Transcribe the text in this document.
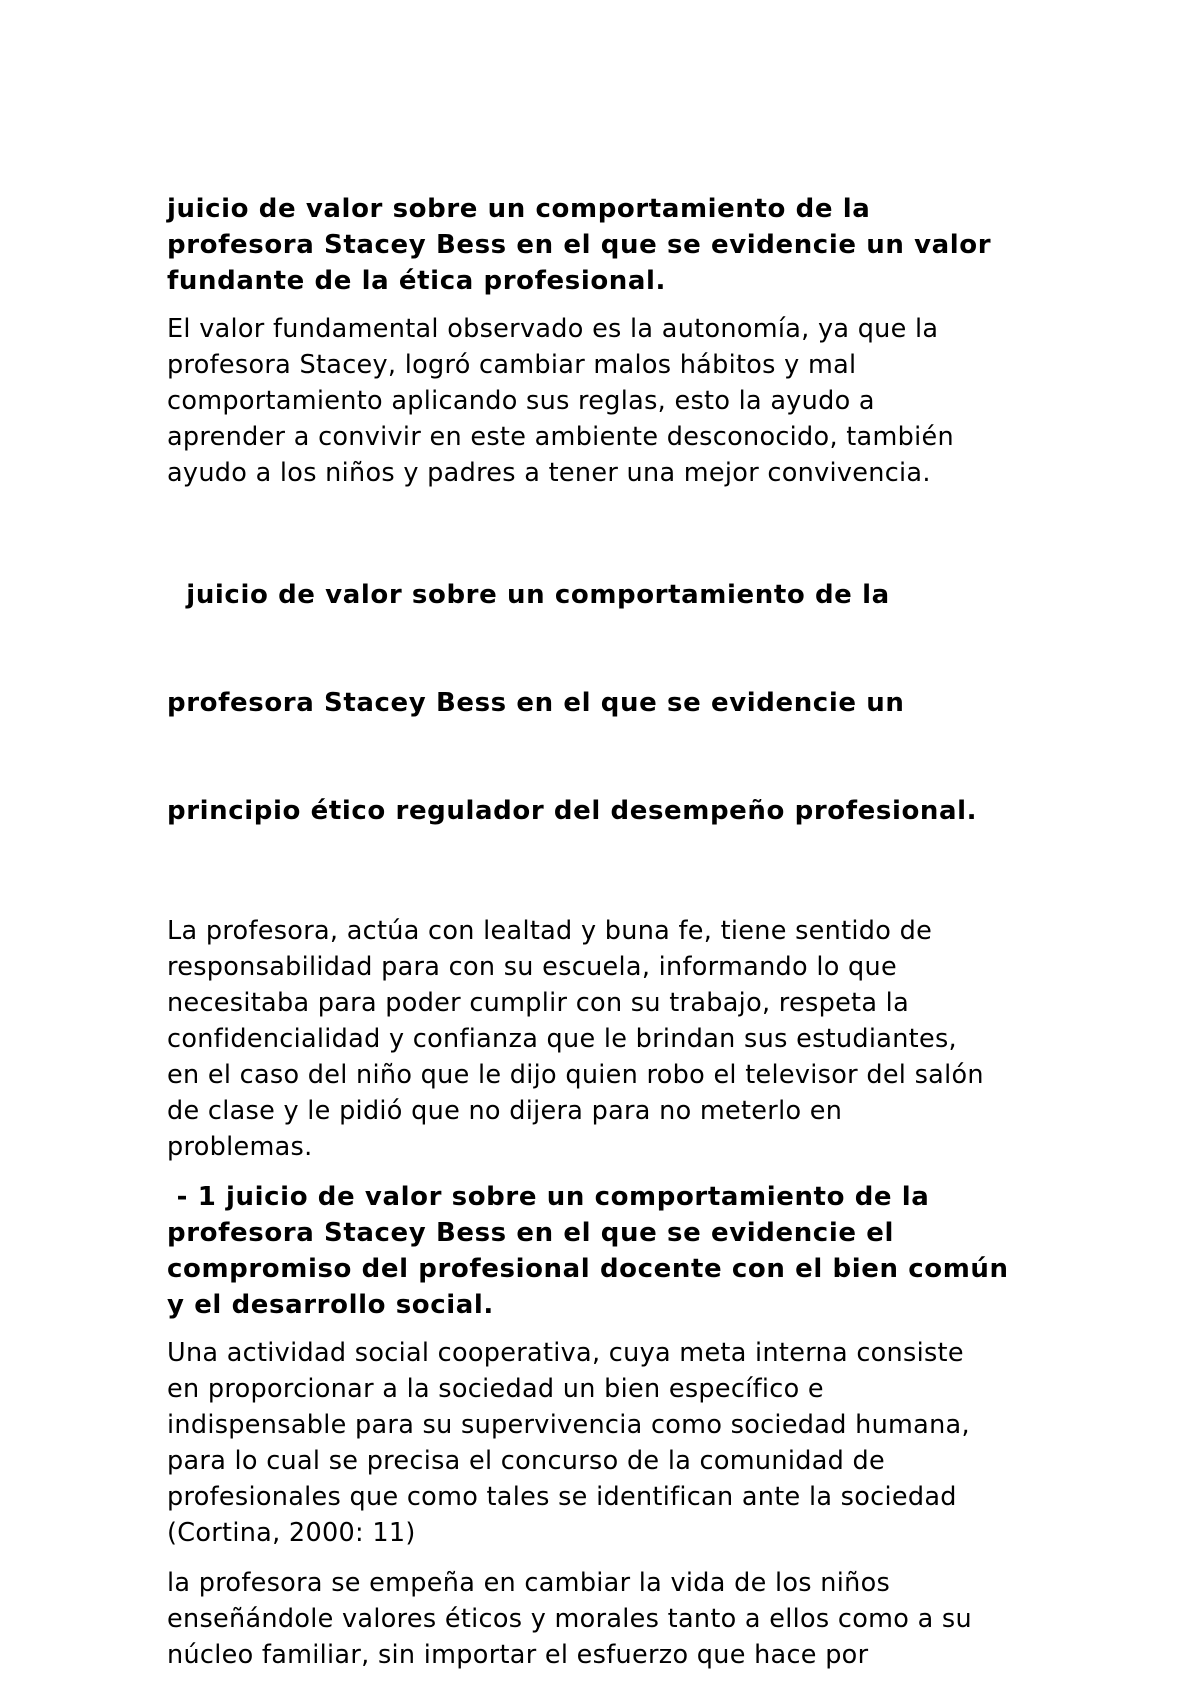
juicio de valor sobre un comportamiento de la
profesora Stacey Bess en el que se evidencie un valor
fundante de la ética profesional.
El valor fundamental observado es la autonomía, ya que la
profesora Stacey, logró cambiar malos hábitos y mal
comportamiento aplicando sus reglas, esto la ayudo a
aprender a convivir en este ambiente desconocido, también
ayudo a los niños y padres a tener una mejor convivencia.

juicio de valor sobre un comportamiento de la

profesora Stacey Bess en el que se evidencie un

principio ético regulador del desempeño profesional.

La profesora, actúa con lealtad y buna fe, tiene sentido de
responsabilidad para con su escuela, informando lo que
necesitaba para poder cumplir con su trabajo, respeta la
confidencialidad y confianza que le brindan sus estudiantes,
en el caso del niño que le dijo quien robo el televisor del salón
de clase y le pidió que no dijera para no meterlo en
problemas.
- 1 juicio de valor sobre un comportamiento de la
profesora Stacey Bess en el que se evidencie el
compromiso del profesional docente con el bien común
y el desarrollo social.
Una actividad social cooperativa, cuya meta interna consiste
en proporcionar a la sociedad un bien específico e
indispensable para su supervivencia como sociedad humana,
para lo cual se precisa el concurso de la comunidad de
profesionales que como tales se identifican ante la sociedad
(Cortina, 2000: 11)
la profesora se empeña en cambiar la vida de los niños
enseñándole valores éticos y morales tanto a ellos como a su
núcleo familiar, sin importar el esfuerzo que hace por
